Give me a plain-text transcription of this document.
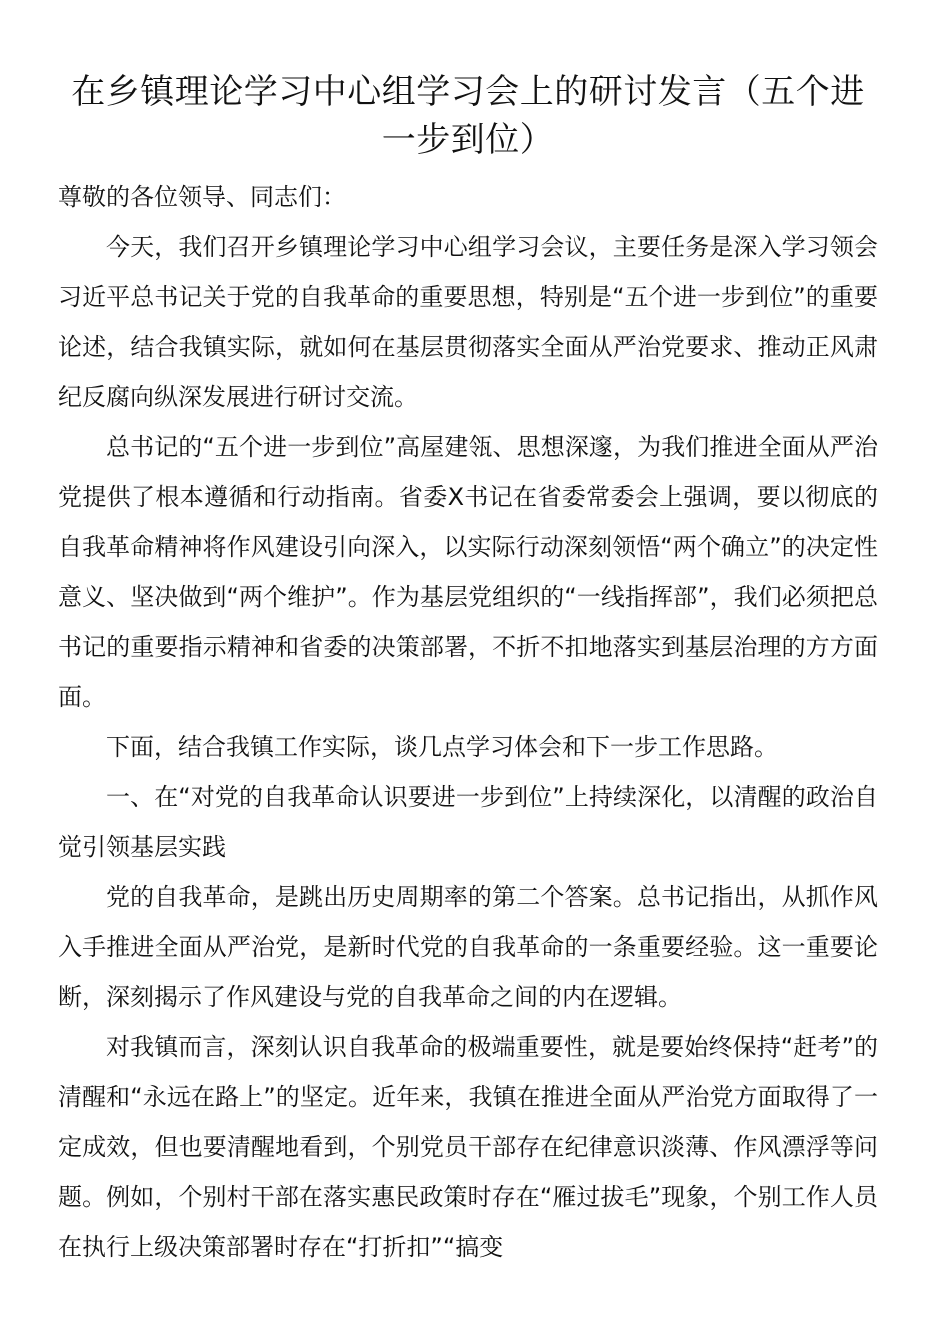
在乡镇理论学习中心组学习会上的研讨发言（五个进一步到位）

尊敬的各位领导、同志们：

今天，我们召开乡镇理论学习中心组学习会议，主要任务是深入学习领会习近平总书记关于党的自我革命的重要思想，特别是“五个进一步到位”的重要论述，结合我镇实际，就如何在基层贯彻落实全面从严治党要求、推动正风肃纪反腐向纵深发展进行研讨交流。

总书记的“五个进一步到位”高屋建瓴、思想深邃，为我们推进全面从严治党提供了根本遵循和行动指南。省委X书记在省委常委会上强调，要以彻底的自我革命精神将作风建设引向深入，以实际行动深刻领悟“两个确立”的决定性意义、坚决做到“两个维护”。作为基层党组织的“一线指挥部”，我们必须把总书记的重要指示精神和省委的决策部署，不折不扣地落实到基层治理的方方面面。

下面，结合我镇工作实际，谈几点学习体会和下一步工作思路。

一、在“对党的自我革命认识要进一步到位”上持续深化，以清醒的政治自觉引领基层实践

党的自我革命，是跳出历史周期率的第二个答案。总书记指出，从抓作风入手推进全面从严治党，是新时代党的自我革命的一条重要经验。这一重要论断，深刻揭示了作风建设与党的自我革命之间的内在逻辑。

对我镇而言，深刻认识自我革命的极端重要性，就是要始终保持“赶考”的清醒和“永远在路上”的坚定。近年来，我镇在推进全面从严治党方面取得了一定成效，但也要清醒地看到，个别党员干部存在纪律意识淡薄、作风漂浮等问题。例如，个别村干部在落实惠民政策时存在“雁过拔毛”现象，个别工作人员在执行上级决策部署时存在“打折扣”“搞变
